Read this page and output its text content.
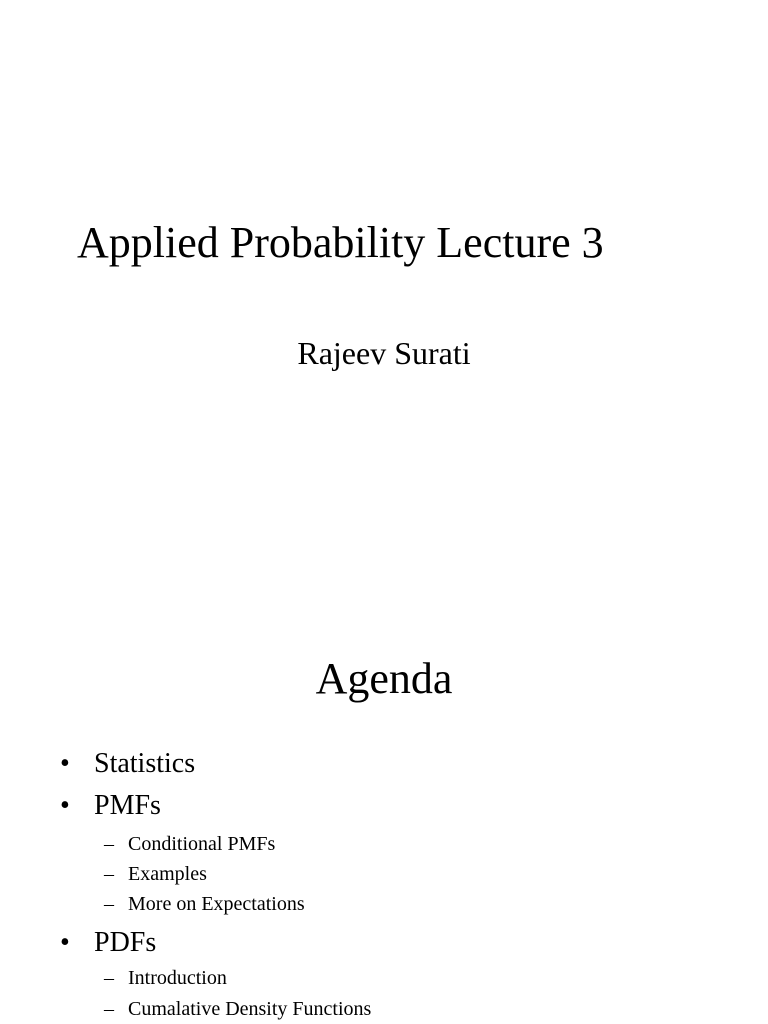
Applied Probability Lecture 3
Rajeev Surati
Agenda
• Statistics
• PMFs
– Conditional PMFs
– Examples
– More on Expectations
• PDFs
– Introduction
– Cumalative Density Functions
